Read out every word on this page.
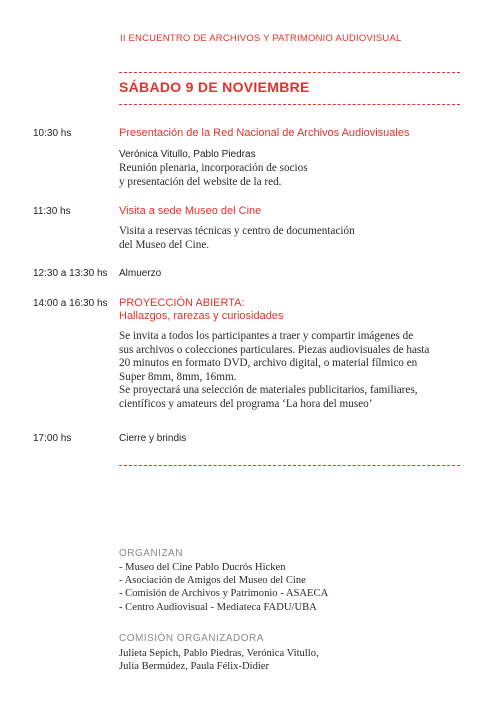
II ENCUENTRO DE ARCHIVOS Y PATRIMONIO AUDIOVISUAL
SÁBADO 9 DE NOVIEMBRE
10:30 hs	Presentación de la Red Nacional de Archivos Audiovisuales
Verónica Vitullo, Pablo Piedras
Reunión plenaria, incorporación de socios
y presentación del website de la red.
11:30 hs	Visita a sede Museo del Cine
Visita a reservas técnicas y centro de documentación
del Museo del Cine.
12:30 a 13:30 hs Almuerzo
14:00 a 16:30 hs PROYECCIÓN ABIERTA:
Hallazgos, rarezas y curiosidades
Se invita a todos los participantes a traer y compartir imágenes de
sus archivos o colecciones particulares. Piezas audiovisuales de hasta
20 minutos en formato DVD, archivo digital, o material fílmico en
Super 8mm, 8mm, 16mm.
Se proyectará una selección de materiales publicitarios, familiares,
científicos y amateurs del programa ‘La hora del museo’
17:00 hs	Cierre y brindis
ORGANIZAN
- Museo del Cine Pablo Ducrós Hicken
- Asociación de Amigos del Museo del Cine
- Comisión de Archivos y Patrimonio - ASAECA
- Centro Audiovisual - Mediateca FADU/UBA
COMISIÓN ORGANIZADORA
Julieta Sepich, Pablo Piedras, Verónica Vitullo,
Julia Bermúdez, Paula Félix-Didier
